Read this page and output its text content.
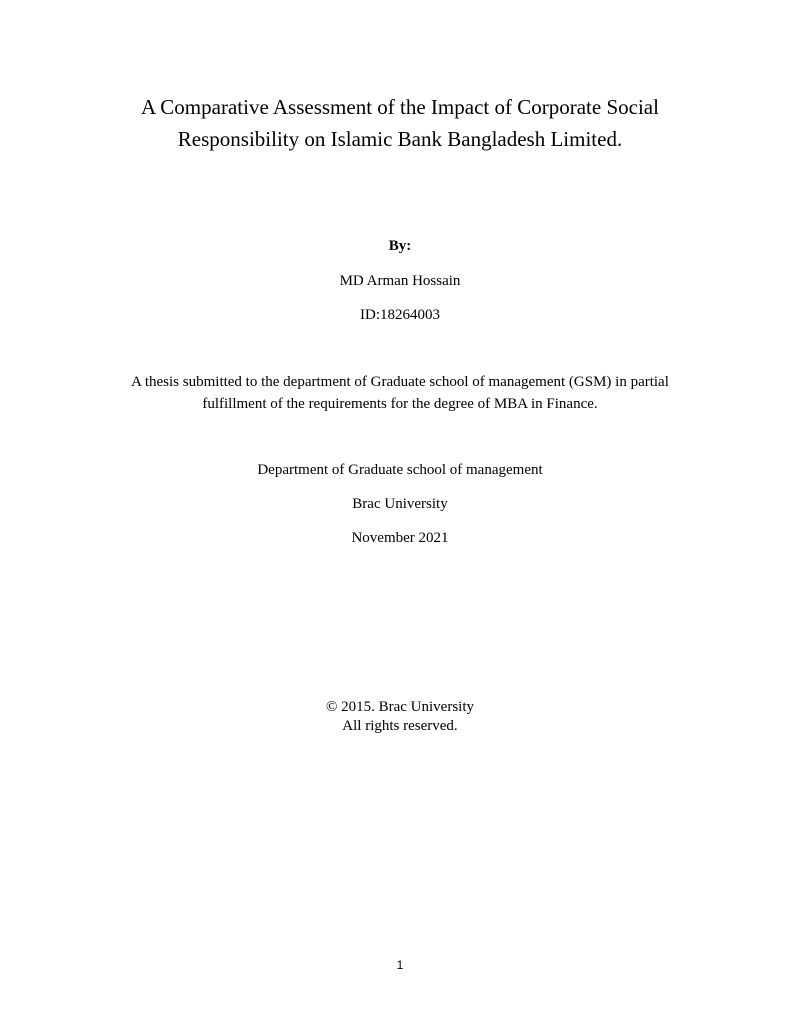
A Comparative Assessment of the Impact of Corporate Social

Responsibility on Islamic Bank Bangladesh Limited.

By:

MD Arman Hossain

ID:18264003

A thesis submitted to the department of Graduate school of management (GSM) in partial

fulfillment of the requirements for the degree of MBA in Finance.

Department of Graduate school of management

Brac University

November 2021

© 2015. Brac University

All rights reserved.

1
